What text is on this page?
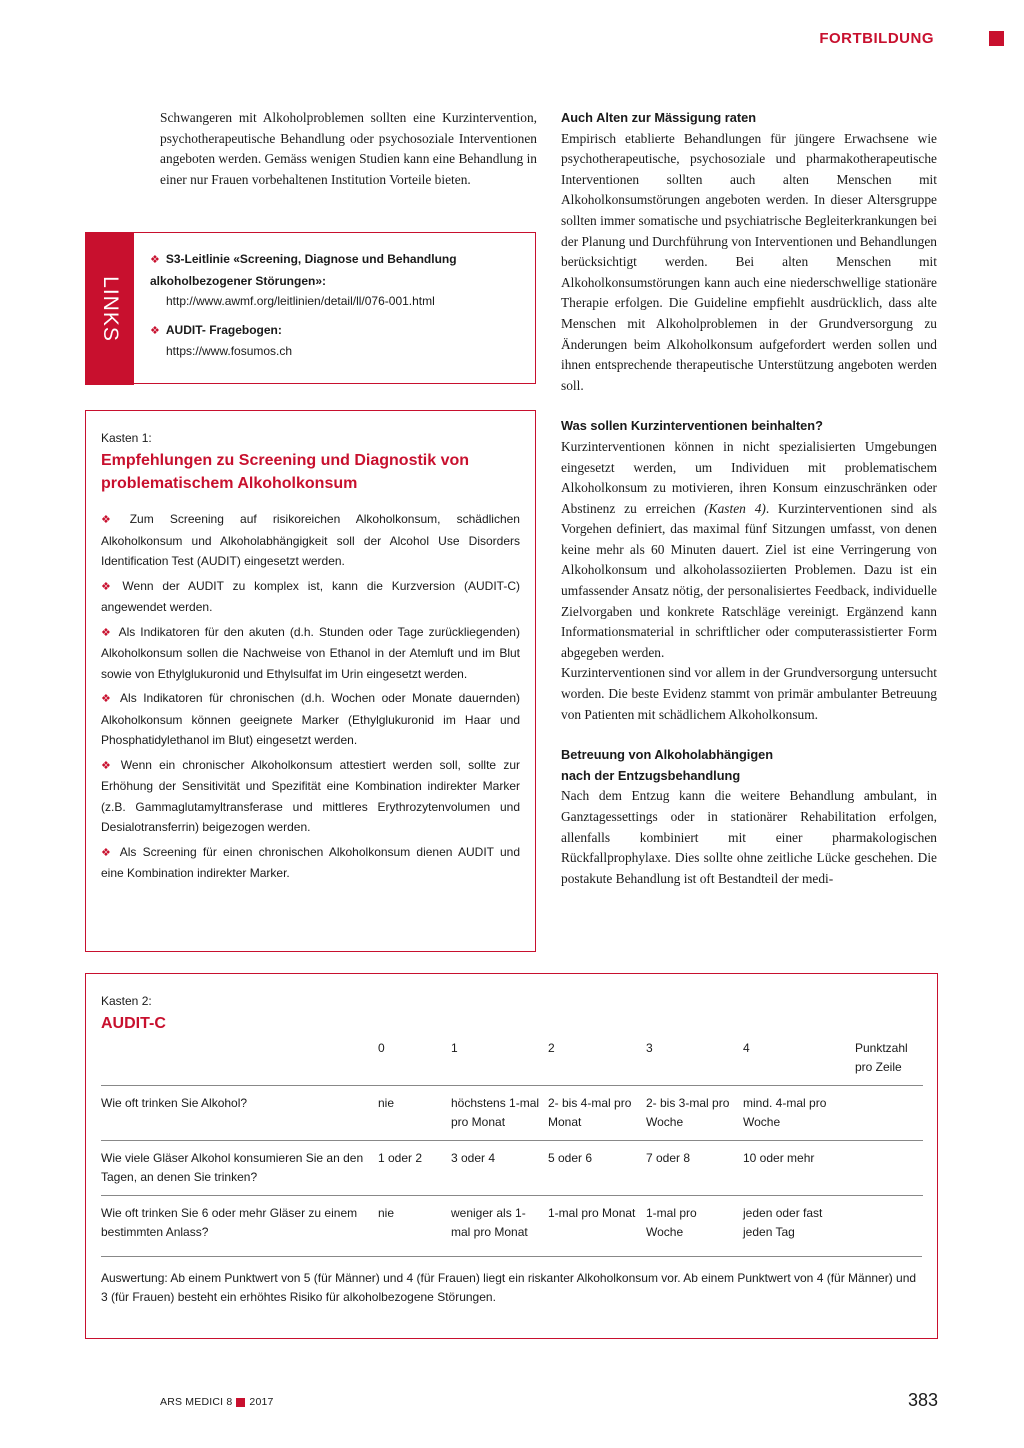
FORTBILDUNG

Schwangeren mit Alkoholproblemen sollten eine Kurzintervention, psychotherapeutische Behandlung oder psychosoziale Interventionen angeboten werden. Gemäss wenigen Studien kann eine Behandlung in einer nur Frauen vorbehaltenen Institution Vorteile bieten.

LINKS
❖ S3-Leitlinie «Screening, Diagnose und Behandlung alkoholbezogener Störungen»:
http://www.awmf.org/leitlinien/detail/ll/076-001.html
❖ AUDIT- Fragebogen:
https://www.fosumos.ch
Kasten 1:
Empfehlungen zu Screening und Diagnostik von problematischem Alkoholkonsum
❖ Zum Screening auf risikoreichen Alkoholkonsum, schädlichen Alkoholkonsum und Alkoholabhängigkeit soll der Alcohol Use Disorders Identification Test (AUDIT) eingesetzt werden.
❖ Wenn der AUDIT zu komplex ist, kann die Kurzversion (AUDIT-C) angewendet werden.
❖ Als Indikatoren für den akuten (d.h. Stunden oder Tage zurückliegenden) Alkoholkonsum sollen die Nachweise von Ethanol in der Atemluft und im Blut sowie von Ethylglukuronid und Ethylsulfat im Urin eingesetzt werden.
❖ Als Indikatoren für chronischen (d.h. Wochen oder Monate dauernden) Alkoholkonsum können geeignete Marker (Ethylglukuronid im Haar und Phosphatidylethanol im Blut) eingesetzt werden.
❖ Wenn ein chronischer Alkoholkonsum attestiert werden soll, sollte zur Erhöhung der Sensitivität und Spezifität eine Kombination indirekter Marker (z.B. Gammaglutamyltransferase und mittleres Erythrozytenvolumen und Desialotransferrin) beigezogen werden.
❖ Als Screening für einen chronischen Alkoholkonsum dienen AUDIT und eine Kombination indirekter Marker.
Auch Alten zur Mässigung raten

Empirisch etablierte Behandlungen für jüngere Erwachsene wie psychotherapeutische, psychosoziale und pharmakotherapeutische Interventionen sollten auch alten Menschen mit Alkoholkonsumstörungen angeboten werden. In dieser Altersgruppe sollten immer somatische und psychiatrische Begleiterkrankungen bei der Planung und Durchführung von Interventionen und Behandlungen berücksichtigt werden. Bei alten Menschen mit Alkoholkonsumstörungen kann auch eine niederschwellige stationäre Therapie erfolgen. Die Guideline empfiehlt ausdrücklich, dass alte Menschen mit Alkoholproblemen in der Grundversorgung zu Änderungen beim Alkoholkonsum aufgefordert werden sollen und ihnen entsprechende therapeutische Unterstützung angeboten werden soll.

Was sollen Kurzinterventionen beinhalten?

Kurzinterventionen können in nicht spezialisierten Umgebungen eingesetzt werden, um Individuen mit problematischem Alkoholkonsum zu motivieren, ihren Konsum einzuschränken oder Abstinenz zu erreichen (Kasten 4). Kurzinterventionen sind als Vorgehen definiert, das maximal fünf Sitzungen umfasst, von denen keine mehr als 60 Minuten dauert. Ziel ist eine Verringerung von Alkoholkonsum und alkoholassoziierten Problemen. Dazu ist ein umfassender Ansatz nötig, der personalisiertes Feedback, individuelle Zielvorgaben und konkrete Ratschläge vereinigt. Ergänzend kann Informationsmaterial in schriftlicher oder computerassistierter Form abgegeben werden.

Kurzinterventionen sind vor allem in der Grundversorgung untersucht worden. Die beste Evidenz stammt von primär ambulanter Betreuung von Patienten mit schädlichem Alkoholkonsum.

Betreuung von Alkoholabhängigen
nach der Entzugsbehandlung

Nach dem Entzug kann die weitere Behandlung ambulant, in Ganztagessettings oder in stationärer Rehabilitation erfolgen, allenfalls kombiniert mit einer pharmakologischen Rückfallprophylaxe. Dies sollte ohne zeitliche Lücke geschehen. Die postakute Behandlung ist oft Bestandteil der medi-

Kasten 2:
AUDIT-C
	0	1	2	3	4	Punktzahl pro Zeile
Wie oft trinken Sie Alkohol?	nie	höchstens 1-mal pro Monat	2- bis 4-mal pro Monat	2- bis 3-mal pro Woche	mind. 4-mal pro Woche	
Wie viele Gläser Alkohol konsumieren Sie an den Tagen, an denen Sie trinken?	1 oder 2	3 oder 4	5 oder 6	7 oder 8	10 oder mehr	
Wie oft trinken Sie 6 oder mehr Gläser zu einem bestimmten Anlass?	nie	weniger als 1-mal pro Monat	1-mal pro Monat	1-mal pro Woche	jeden oder fast jeden Tag	
Auswertung: Ab einem Punktwert von 5 (für Männer) und 4 (für Frauen) liegt ein riskanter Alkoholkonsum vor. Ab einem Punktwert von 4 (für Männer) und 3 (für Frauen) besteht ein erhöhtes Risiko für alkoholbezogene Störungen.
ARS MEDICI 8 2017	383
